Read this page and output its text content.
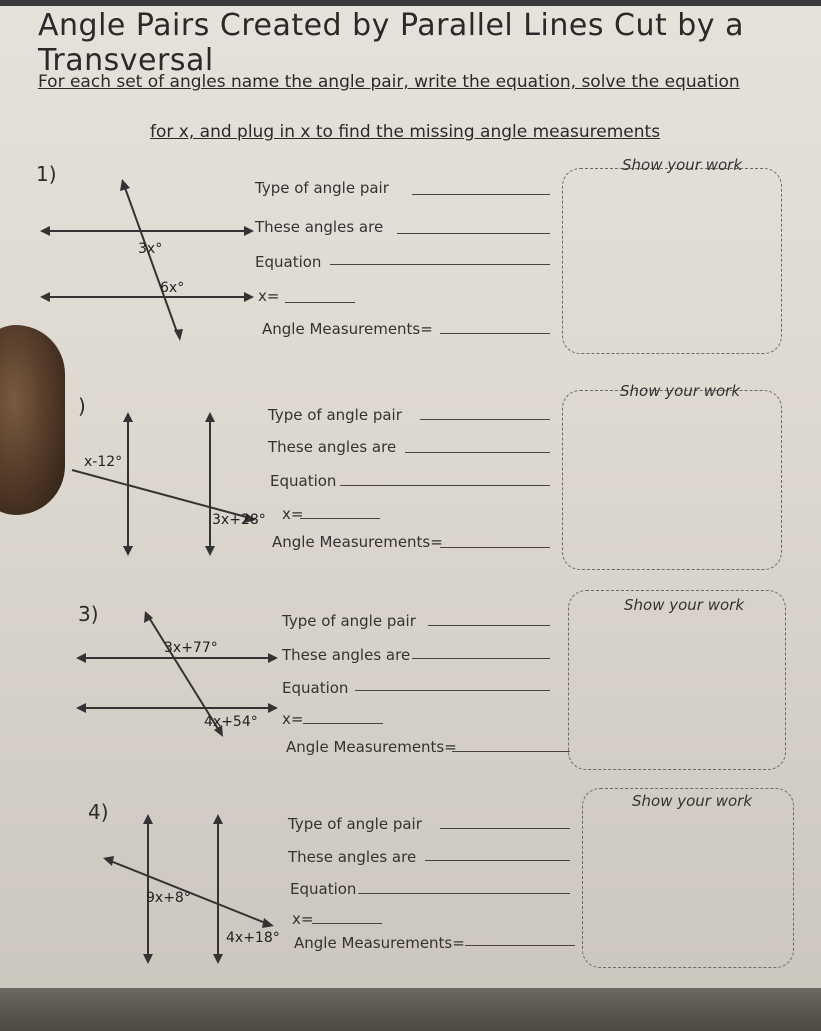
Angle Pairs Created by Parallel Lines Cut by a Transversal
For each set of angles name the angle pair, write the equation, solve the equation
for x, and plug in x to find the missing angle measurements
1)
3x°
6x°
Type of angle pair
These angles are
Equation
x=
Angle Measurements=
Show your work
)
x-12°
3x+28°
Type of angle pair
These angles are
Equation
x=
Angle Measurements=
Show your work
3)
3x+77°
4x+54°
Type of angle pair
These angles are
Equation
x=
Angle Measurements=
Show your work
4)
9x+8°
4x+18°
Type of angle pair
These angles are
Equation
x=
Angle Measurements=
Show your work
